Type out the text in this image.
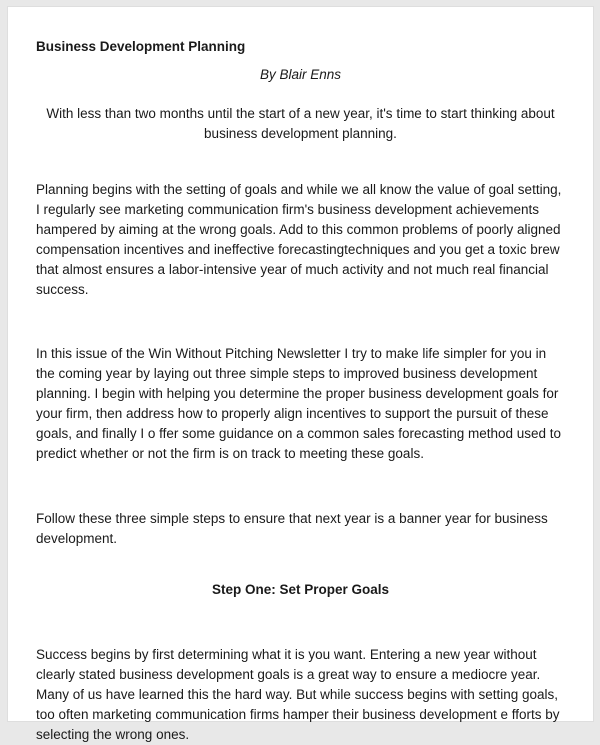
Business Development Planning

By Blair Enns

With less than two months until the start of a new year, it's time to start thinking about business development planning.

Planning begins with the setting of goals and while we all know the value of goal setting, I regularly see marketing communication firm's business development achievements hampered by aiming at the wrong goals. Add to this common problems of poorly aligned compensation incentives and ineffective forecastingtechniques and you get a toxic brew that almost ensures a labor-intensive year of much activity and not much real financial success.

In this issue of the Win Without Pitching Newsletter I try to make life simpler for you in the coming year by laying out three simple steps to improved business development planning. I begin with helping you determine the proper business development goals for your firm, then address how to properly align incentives to support the pursuit of these goals, and finally I o ffer some guidance on a common sales forecasting method used to predict whether or not the firm is on track to meeting these goals.

Follow these three simple steps to ensure that next year is a banner year for business development.

Step One: Set Proper Goals

Success begins by first determining what it is you want. Entering a new year without clearly stated business development goals is a great way to ensure a mediocre year. Many of us have learned this the hard way. But while success begins with setting goals, too often marketing communication firms hamper their business development e fforts by selecting the wrong ones.
